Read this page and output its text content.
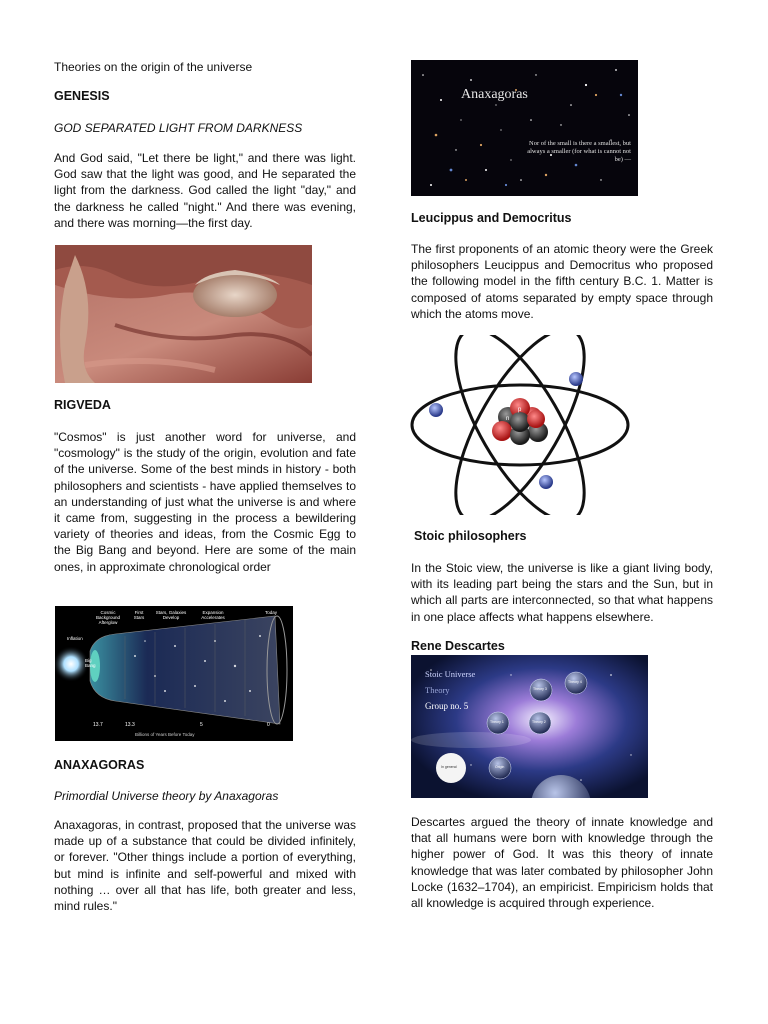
Theories on the origin of the universe
GENESIS
GOD SEPARATED LIGHT FROM DARKNESS
And God said, "Let there be light," and there was light. God saw that the light was good, and He separated the light from the darkness. God called the light "day," and the darkness he called "night." And there was evening, and there was morning—the first day.
RIGVEDA
"Cosmos" is just another word for universe, and "cosmology" is the study of the origin, evolution and fate of the universe. Some of the best minds in history - both philosophers and scientists - have applied themselves to an understanding of just what the universe is and where it came from, suggesting in the process a bewildering variety of theories and ideas, from the Cosmic Egg to the Big Bang and beyond. Here are some of the main ones, in approximate chronological order
Cosmic Background Afterglow
First Stars
Stars, Galaxies Develop
Expansion Accelerates
Today
Inflation
Big Bang
13.7	13.3	5	0
Billions of Years Before Today
ANAXAGORAS
Primordial Universe theory by Anaxagoras
Anaxagoras, in contrast, proposed that the universe was made up of a substance that could be divided infinitely, or forever. "Other things include a portion of everything, but mind is infinite and self-powerful and mixed with nothing … over all that has life, both greater and less, mind rules."
Anaxagoras
Nor of the small is there a smallest, but always a smaller (for what is cannot not be) —
Leucippus and Democritus
The first proponents of an atomic theory were the Greek philosophers Leucippus and Democritus who proposed the following model in the fifth century B.C. 1. Matter is composed of atoms separated by empty space through which the atoms move.
p
n
Stoic philosophers
In the Stoic view, the universe is like a giant living body, with its leading part being the stars and the Sun, but in which all parts are interconnected, so that what happens in one place affects what happens elsewhere.
Rene Descartes
Stoic Universe
Theory
Group no. 5
Theory 3
Theory 4
Theory 1	Theory 2
In general	Origin
Descartes argued the theory of innate knowledge and that all humans were born with knowledge through the higher power of God. It was this theory of innate knowledge that was later combated by philosopher John Locke (1632–1704), an empiricist. Empiricism holds that all knowledge is acquired through experience.
